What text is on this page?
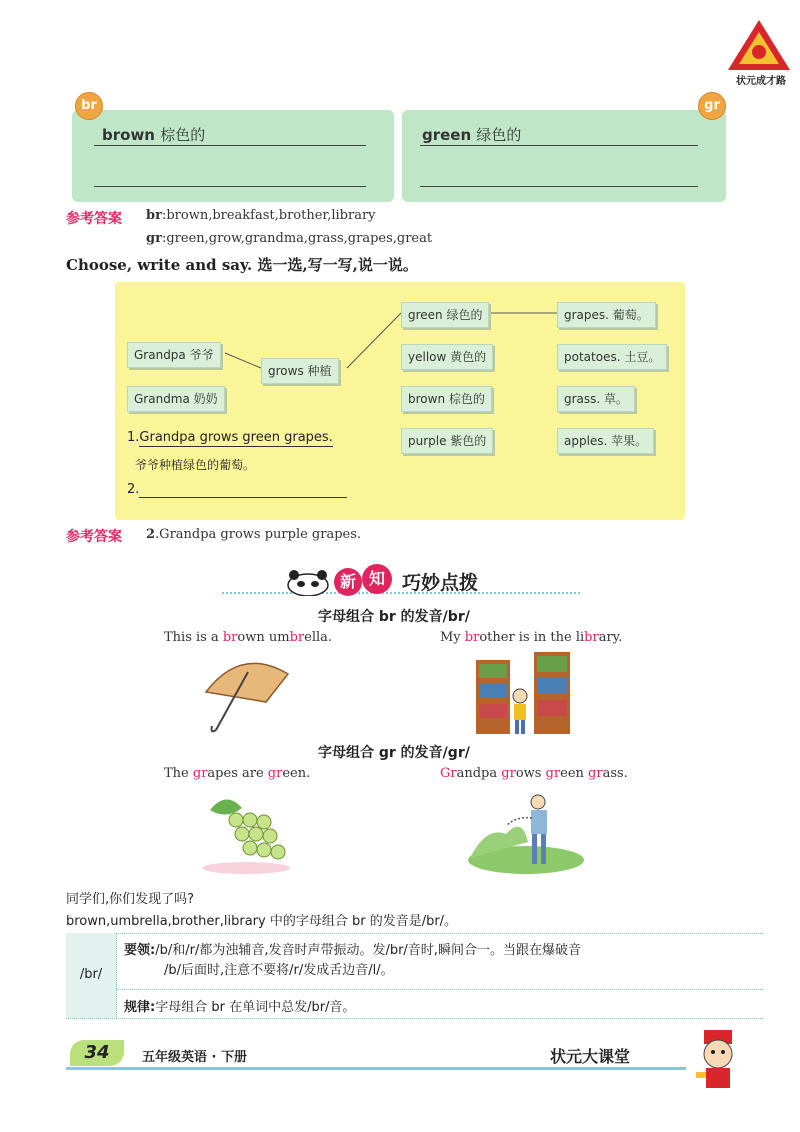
状元成才路
brown 棕色的
br
green 绿色的
gr
参考答案 br:brown,breakfast,brother,library
gr:green,grow,grandma,grass,grapes,great
Choose, write and say. 选一选,写一写,说一说。
Grandpa 爷爷
Grandma 奶奶
grows 种植
green 绿色的
yellow 黄色的
brown 棕色的
purple 紫色的
grapes. 葡萄。
potatoes. 土豆。
grass. 草。
apples. 苹果。
1.Grandpa grows green grapes.
爷爷种植绿色的葡萄。
2.
参考答案 2.Grandpa grows purple grapes.
新 知 巧妙点拨
字母组合 br 的发音/br/
This is a brown umbrella.	My brother is in the library.
字母组合 gr 的发音/gr/
The grapes are green.	Grandpa grows green grass.
同学们,你们发现了吗?
brown,umbrella,brother,library 中的字母组合 br 的发音是/br/。
/br/
要领:/b/和/r/都为浊辅音,发音时声带振动。发/br/音时,瞬间合一。当跟在爆破音
/b/后面时,注意不要将/r/发成舌边音/l/。
规律:字母组合 br 在单词中总发/br/音。
34	五年级英语 · 下册	状元大课堂
